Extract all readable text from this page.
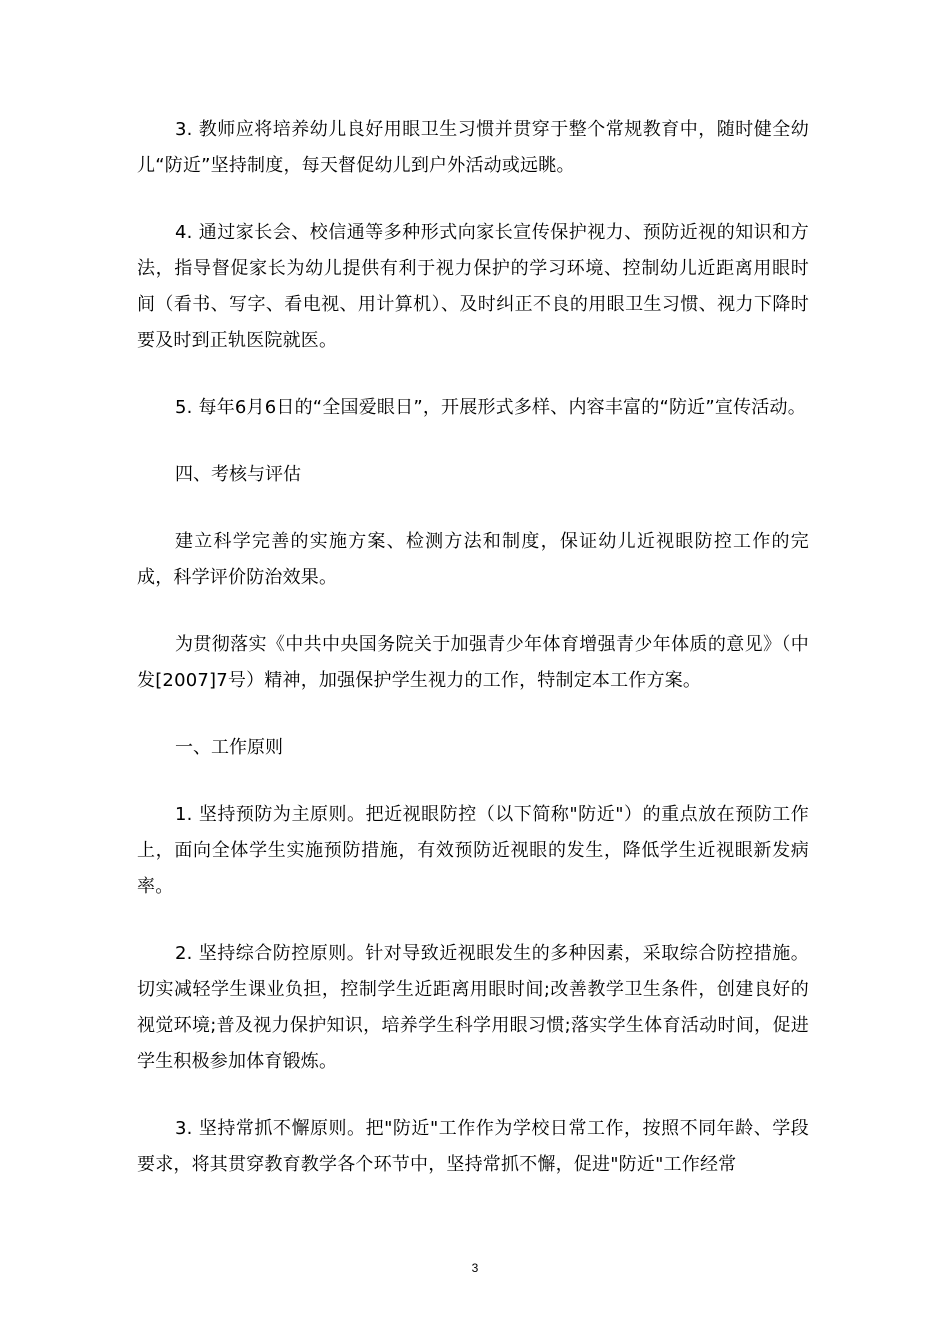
3. 教师应将培养幼儿良好用眼卫生习惯并贯穿于整个常规教育中，随时健全幼儿“防近”坚持制度，每天督促幼儿到户外活动或远眺。

4. 通过家长会、校信通等多种形式向家长宣传保护视力、预防近视的知识和方法，指导督促家长为幼儿提供有利于视力保护的学习环境、控制幼儿近距离用眼时间（看书、写字、看电视、用计算机）、及时纠正不良的用眼卫生习惯、视力下降时要及时到正轨医院就医。

5. 每年6月6日的“全国爱眼日”，开展形式多样、内容丰富的“防近”宣传活动。

四、考核与评估

建立科学完善的实施方案、检测方法和制度，保证幼儿近视眼防控工作的完成，科学评价防治效果。

为贯彻落实《中共中央国务院关于加强青少年体育增强青少年体质的意见》（中发[2007]7号）精神，加强保护学生视力的工作，特制定本工作方案。

一、工作原则

1. 坚持预防为主原则。把近视眼防控（以下简称"防近"）的重点放在预防工作上，面向全体学生实施预防措施，有效预防近视眼的发生，降低学生近视眼新发病率。

2. 坚持综合防控原则。针对导致近视眼发生的多种因素，采取综合防控措施。切实减轻学生课业负担，控制学生近距离用眼时间;改善教学卫生条件，创建良好的视觉环境;普及视力保护知识，培养学生科学用眼习惯;落实学生体育活动时间，促进学生积极参加体育锻炼。

3. 坚持常抓不懈原则。把"防近"工作作为学校日常工作，按照不同年龄、学段要求，将其贯穿教育教学各个环节中，坚持常抓不懈，促进"防近"工作经常

3
